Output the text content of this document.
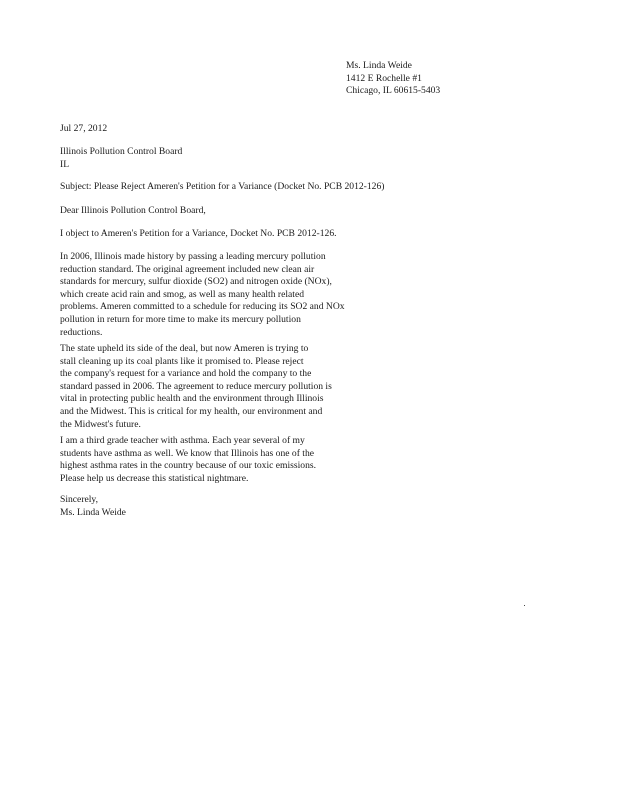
Ms. Linda Weide
1412 E Rochelle #1
Chicago, IL 60615-5403
Jul 27, 2012
Illinois Pollution Control Board
IL
Subject: Please Reject Ameren's Petition for a Variance (Docket No. PCB 2012-126)
Dear Illinois Pollution Control Board,
I object to Ameren's Petition for a Variance, Docket No. PCB 2012-126.
In 2006, Illinois made history by passing a leading mercury pollution
reduction standard. The original agreement included new clean air
standards for mercury, sulfur dioxide (SO2) and nitrogen oxide (NOx),
which create acid rain and smog, as well as many health related
problems. Ameren committed to a schedule for reducing its SO2 and NOx
pollution in return for more time to make its mercury pollution
reductions.
The state upheld its side of the deal, but now Ameren is trying to
stall cleaning up its coal plants like it promised to. Please reject
the company's request for a variance and hold the company to the
standard passed in 2006. The agreement to reduce mercury pollution is
vital in protecting public health and the environment through Illinois
and the Midwest. This is critical for my health, our environment and
the Midwest's future.
I am a third grade teacher with asthma. Each year several of my
students have asthma as well. We know that Illinois has one of the
highest asthma rates in the country because of our toxic emissions.
Please help us decrease this statistical nightmare.
Sincerely,
Ms. Linda Weide
